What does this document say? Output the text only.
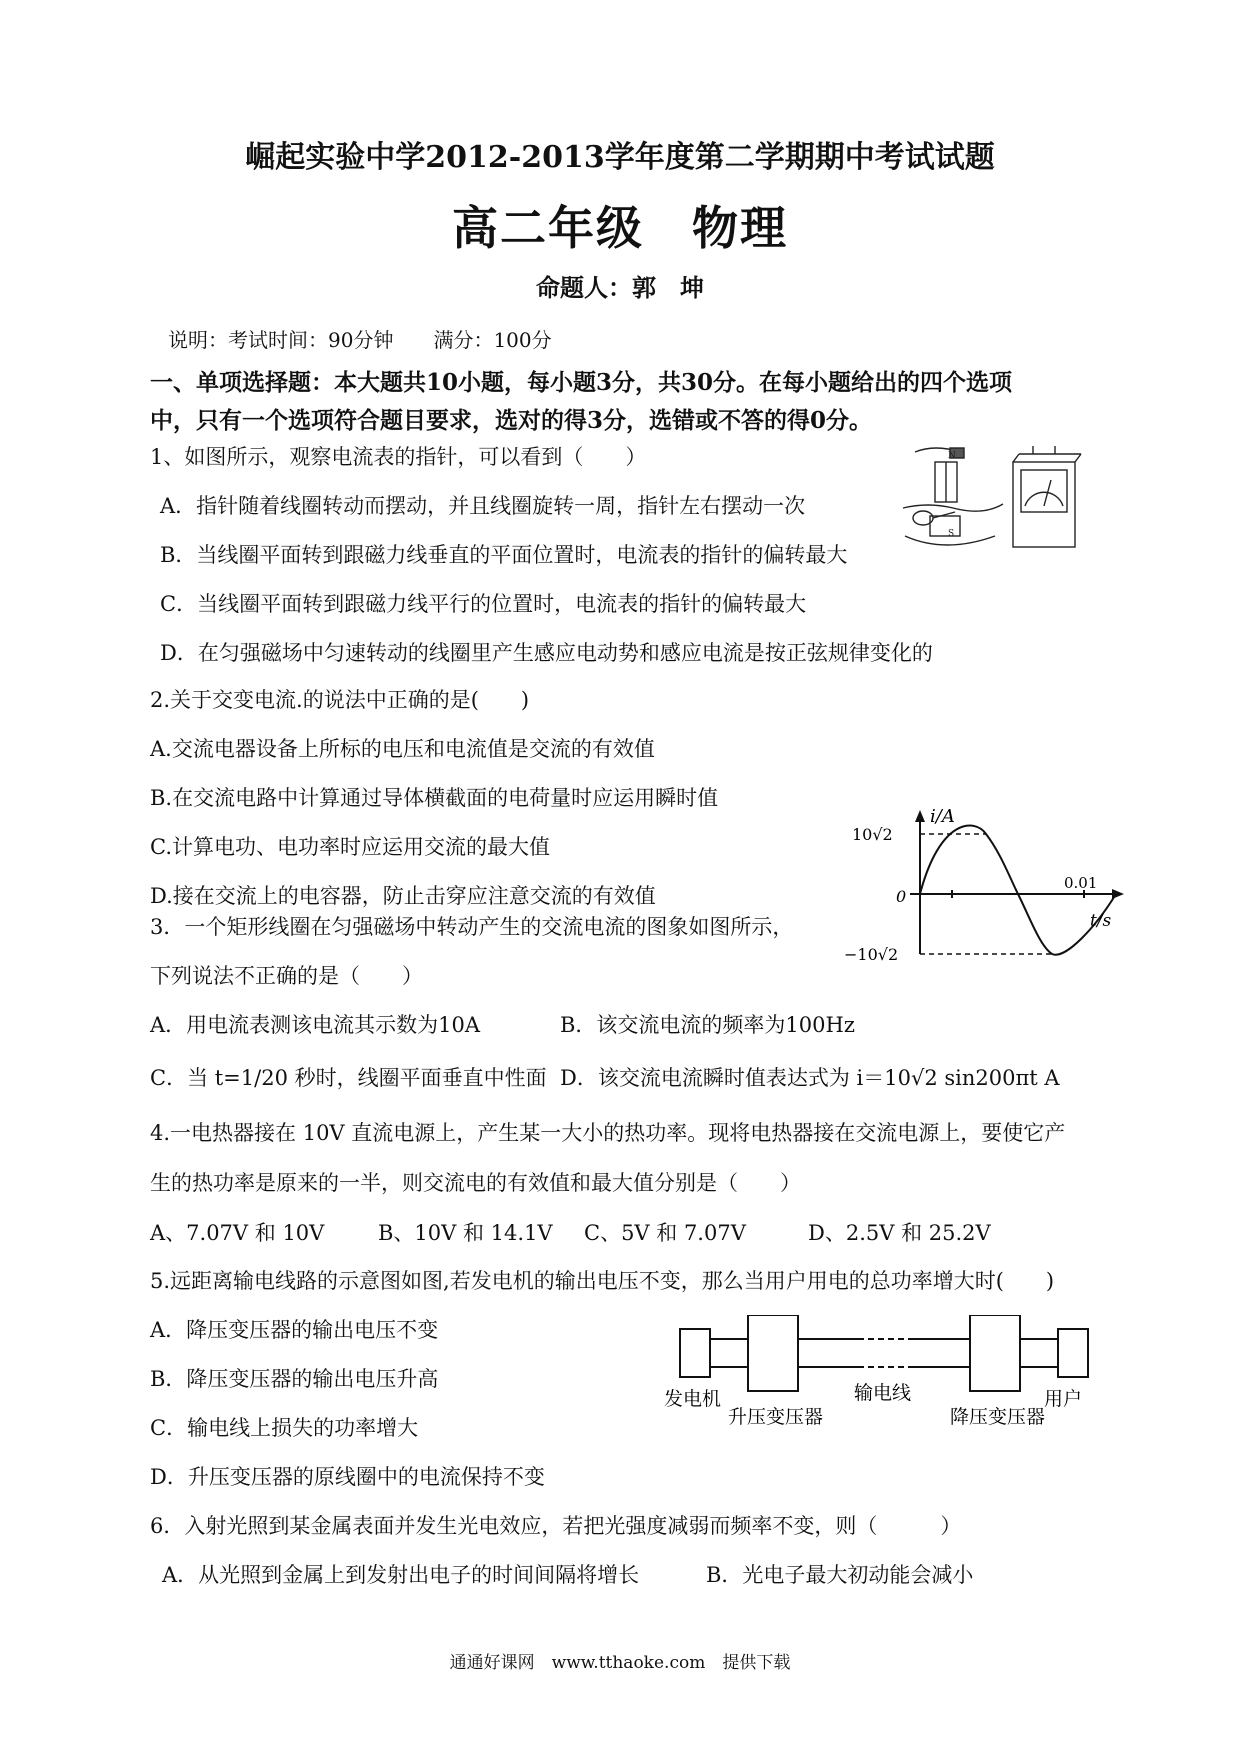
崛起实验中学2012-2013学年度第二学期期中考试试题
高二年级　物理
命题人：郭　坤
说明：考试时间：90分钟　　满分：100分
一、单项选择题：本大题共10小题，每小题3分，共30分。在每小题给出的四个选项
中，只有一个选项符合题目要求，选对的得3分，选错或不答的得0分。
1、如图所示，观察电流表的指针，可以看到（　　）
A．指针随着线圈转动而摆动，并且线圈旋转一周，指针左右摆动一次
B．当线圈平面转到跟磁力线垂直的平面位置时，电流表的指针的偏转最大
C．当线圈平面转到跟磁力线平行的位置时，电流表的指针的偏转最大
D．在匀强磁场中匀速转动的线圈里产生感应电动势和感应电流是按正弦规律变化的
N
S
2.关于交变电流.的说法中正确的是(　　)
A.交流电器设备上所标的电压和电流值是交流的有效值
B.在交流电路中计算通过导体横截面的电荷量时应运用瞬时值
C.计算电功、电功率时应运用交流的最大值
D.接在交流上的电容器，防止击穿应注意交流的有效值
i/A
10√2
0
−10√2
0.01
t/s
3．一个矩形线圈在匀强磁场中转动产生的交流电流的图象如图所示，
下列说法不正确的是（　　）
A．用电流表测该电流其示数为10A	B．该交流电流的频率为100Hz
C．当 t=1/20 秒时，线圈平面垂直中性面 D．该交流电流瞬时值表达式为 i＝10√2 sin200πt A
4.一电热器接在 10V 直流电源上，产生某一大小的热功率。现将电热器接在交流电源上，要使它产
生的热功率是原来的一半，则交流电的有效值和最大值分别是（　　）
A、7.07V 和 10V	B、10V 和 14.1V C、5V 和 7.07V	D、2.5V 和 25.2V
5.远距离输电线路的示意图如图,若发电机的输出电压不变，那么当用户用电的总功率增大时(　　)
A．降压变压器的输出电压不变
B．降压变压器的输出电压升高
C．输电线上损失的功率增大
D．升压变压器的原线圈中的电流保持不变
发电机
升压变压器
输电线
降压变压器
用户
6．入射光照到某金属表面并发生光电效应，若把光强度减弱而频率不变，则（　　　）
A．从光照到金属上到发射出电子的时间间隔将增长	B．光电子最大初动能会减小
通通好课网　www.tthaoke.com　提供下载
